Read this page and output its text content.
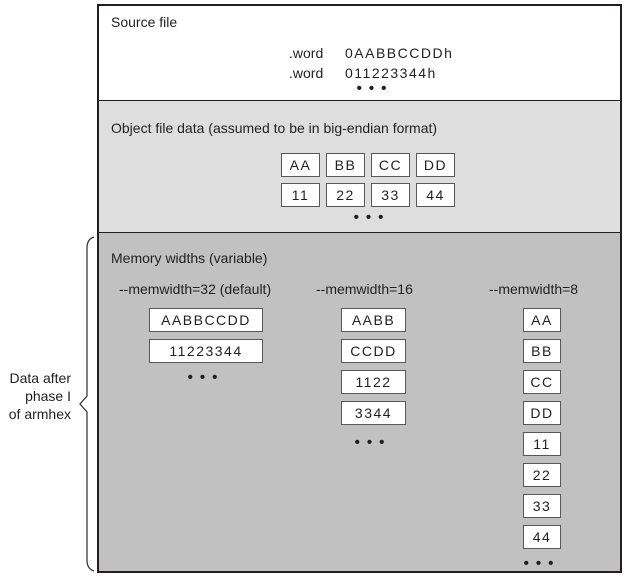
Data after
phase I
of armhex
Source file
.word	0AABBCCDDh
.word	011223344h
•••
Object file data (assumed to be in big-endian format)
AA	BB	CC	DD
11	22	33	44
•••
Memory widths (variable)
--memwidth=32 (default)	--memwidth=16	--memwidth=8
AABBCCDD
11223344
•••
AABB
CCDD
1122
3344
•••
AA
BB
CC
DD
11
22
33
44
•••
